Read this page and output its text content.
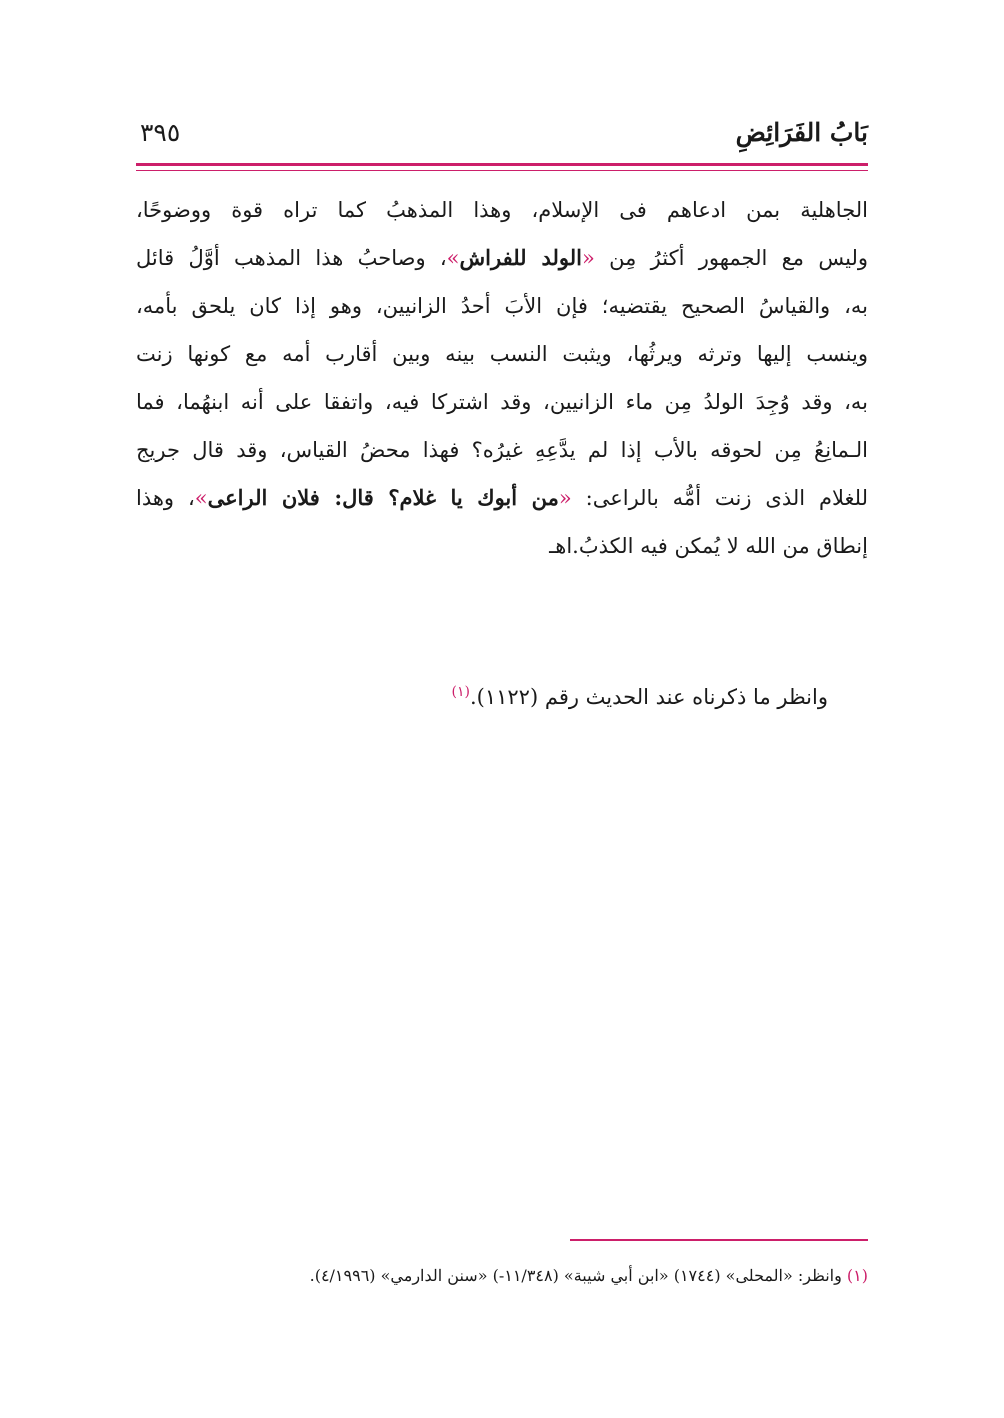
بَابُ الفَرَائِضِ
٣٩٥
الجاهلية بمن ادعاهم فى الإسلام، وهذا المذهبُ كما تراه قوة ووضوحًا،
وليس مع الجمهور أكثرُ مِن «الولد للفراش»، وصاحبُ هذا المذهب أوَّلُ قائل
به، والقياسُ الصحيح يقتضيه؛ فإن الأبَ أحدُ الزانيين، وهو إذا كان يلحق بأمه،
وينسب إليها وترثه ويرثُها، ويثبت النسب بينه وبين أقارب أمه مع كونها زنت
به، وقد وُجِدَ الولدُ مِن ماء الزانيين، وقد اشتركا فيه، واتفقا على أنه ابنهُما، فما
الـمانِعُ مِن لحوقه بالأب إذا لم يدَّعِهِ غيرُه؟ فهذا محضُ القياس، وقد قال جريج
للغلام الذى زنت أمُّه بالراعى: «من أبوك يا غلام؟ قال: فلان الراعى»، وهذا
إنطاق من الله لا يُمكن فيه الكذبُ.اهـ
وانظر ما ذكرناه عند الحديث رقم (١١٢٢).$^{(١)}$
(١) وانظر: «المحلى» (١٧٤٤) «ابن أبي شيبة» (١١/٣٤٨-) «سنن الدارمي» (٤/١٩٩٦).
